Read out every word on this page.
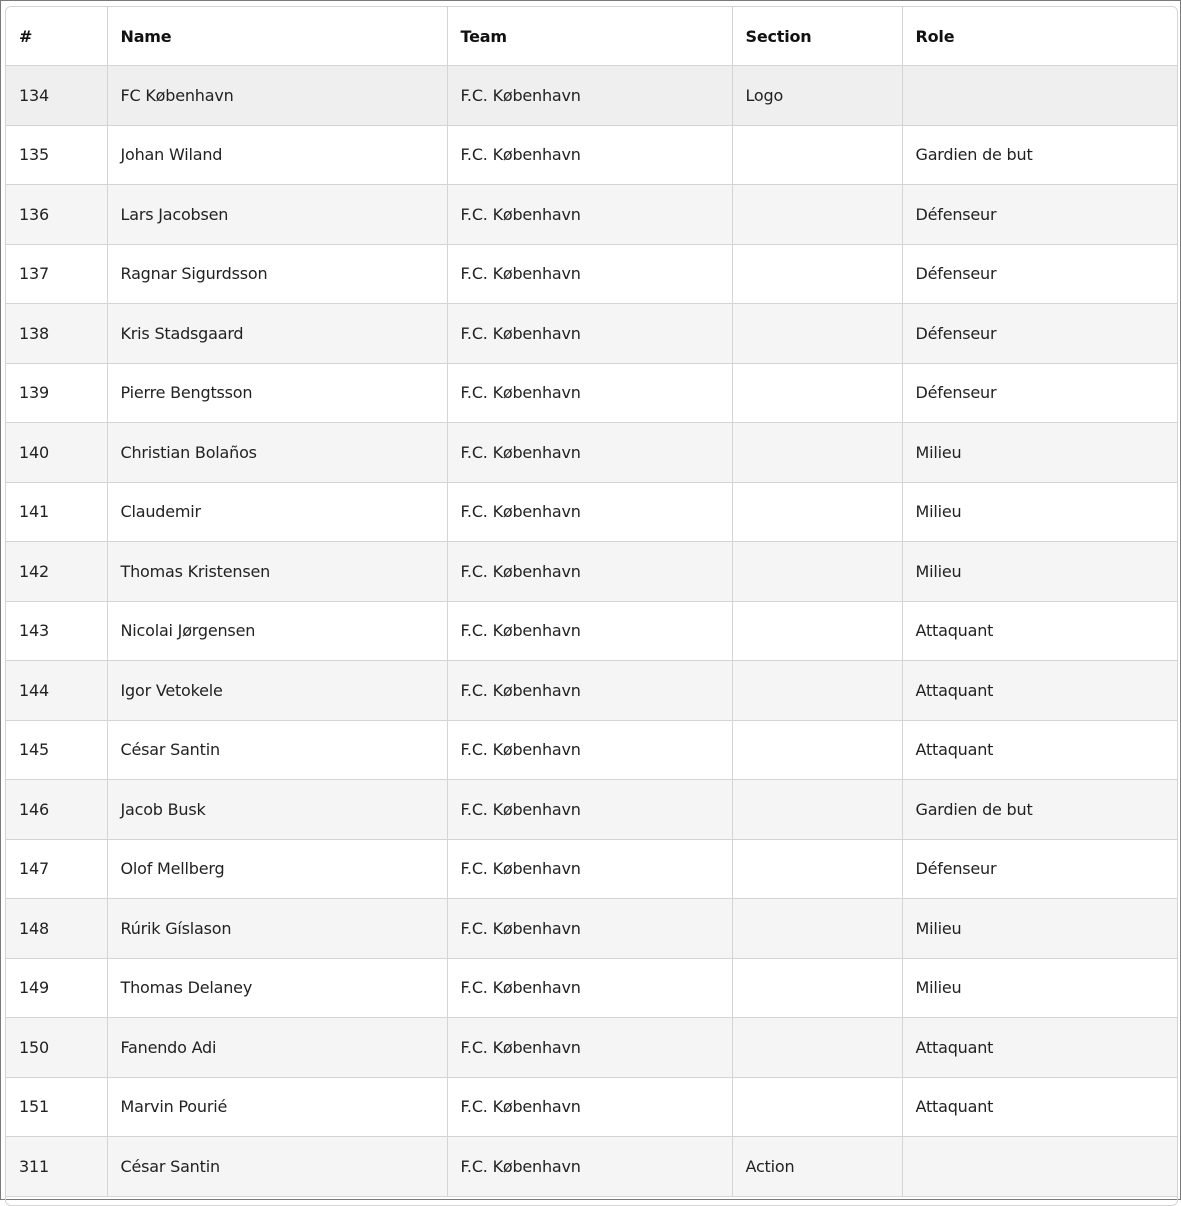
#	Name	Team	Section	Role
134	FC København	F.C. København	Logo	
135	Johan Wiland	F.C. København		Gardien de but
136	Lars Jacobsen	F.C. København		Défenseur
137	Ragnar Sigurdsson	F.C. København		Défenseur
138	Kris Stadsgaard	F.C. København		Défenseur
139	Pierre Bengtsson	F.C. København		Défenseur
140	Christian Bolaños	F.C. København		Milieu
141	Claudemir	F.C. København		Milieu
142	Thomas Kristensen	F.C. København		Milieu
143	Nicolai Jørgensen	F.C. København		Attaquant
144	Igor Vetokele	F.C. København		Attaquant
145	César Santin	F.C. København		Attaquant
146	Jacob Busk	F.C. København		Gardien de but
147	Olof Mellberg	F.C. København		Défenseur
148	Rúrik Gíslason	F.C. København		Milieu
149	Thomas Delaney	F.C. København		Milieu
150	Fanendo Adi	F.C. København		Attaquant
151	Marvin Pourié	F.C. København		Attaquant
311	César Santin	F.C. København	Action	
